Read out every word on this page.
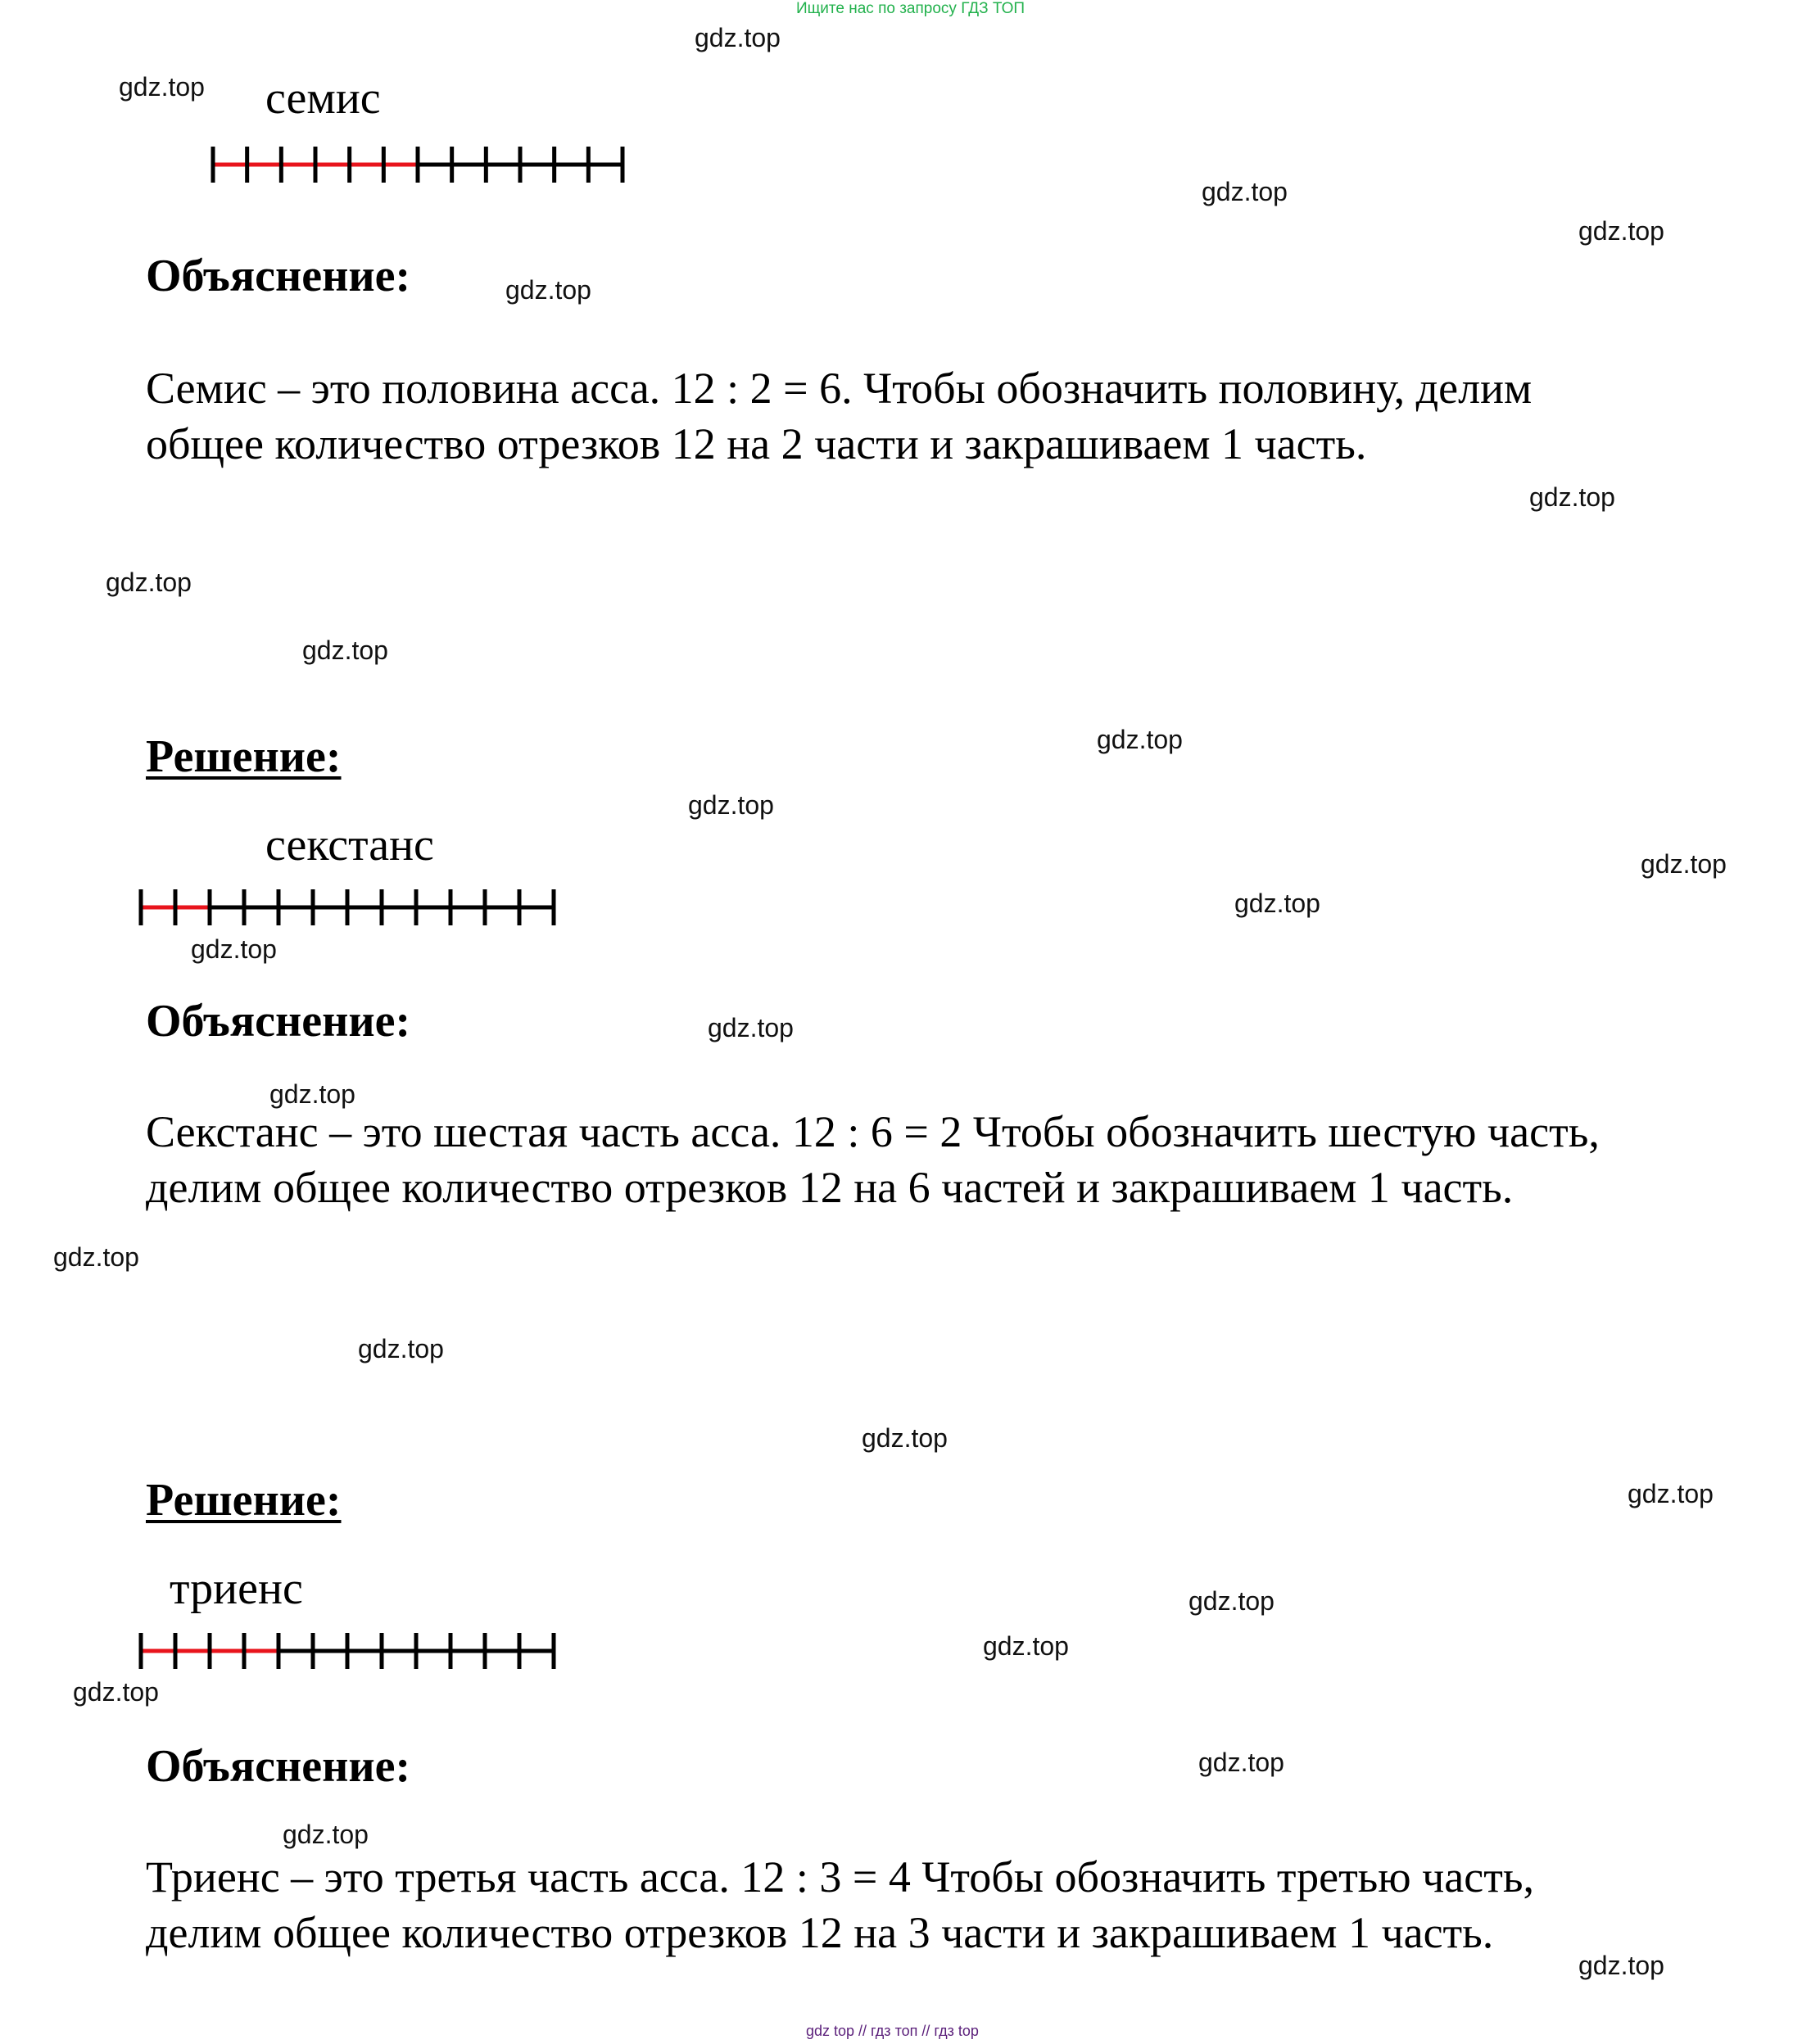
Ищите нас по запросу ГДЗ ТОП
семис
Объяснение:

Семис – это половина асса. 12 : 2 = 6. Чтобы обозначить половину, делим

общее количество отрезков 12 на 2 части и закрашиваем 1 часть.

Решение:
секстанс
Объяснение:

Секстанс – это шестая часть асса. 12 : 6 = 2 Чтобы обозначить шестую часть,

делим общее количество отрезков 12 на 6 частей и закрашиваем 1 часть.

Решение:
триенс
Объяснение:

Триенс – это третья часть асса. 12 : 3 = 4 Чтобы обозначить третью часть,

делим общее количество отрезков 12 на 3 части и закрашиваем 1 часть.

gdz.top
gdz.top
gdz.top
gdz.top
gdz.top
gdz.top
gdz.top
gdz.top
gdz.top
gdz.top
gdz.top
gdz.top
gdz.top
gdz.top
gdz.top
gdz.top
gdz.top
gdz.top
gdz.top
gdz.top
gdz.top
gdz.top
gdz.top
gdz.top
gdz.top
gdz top // гдз топ // гдз top
